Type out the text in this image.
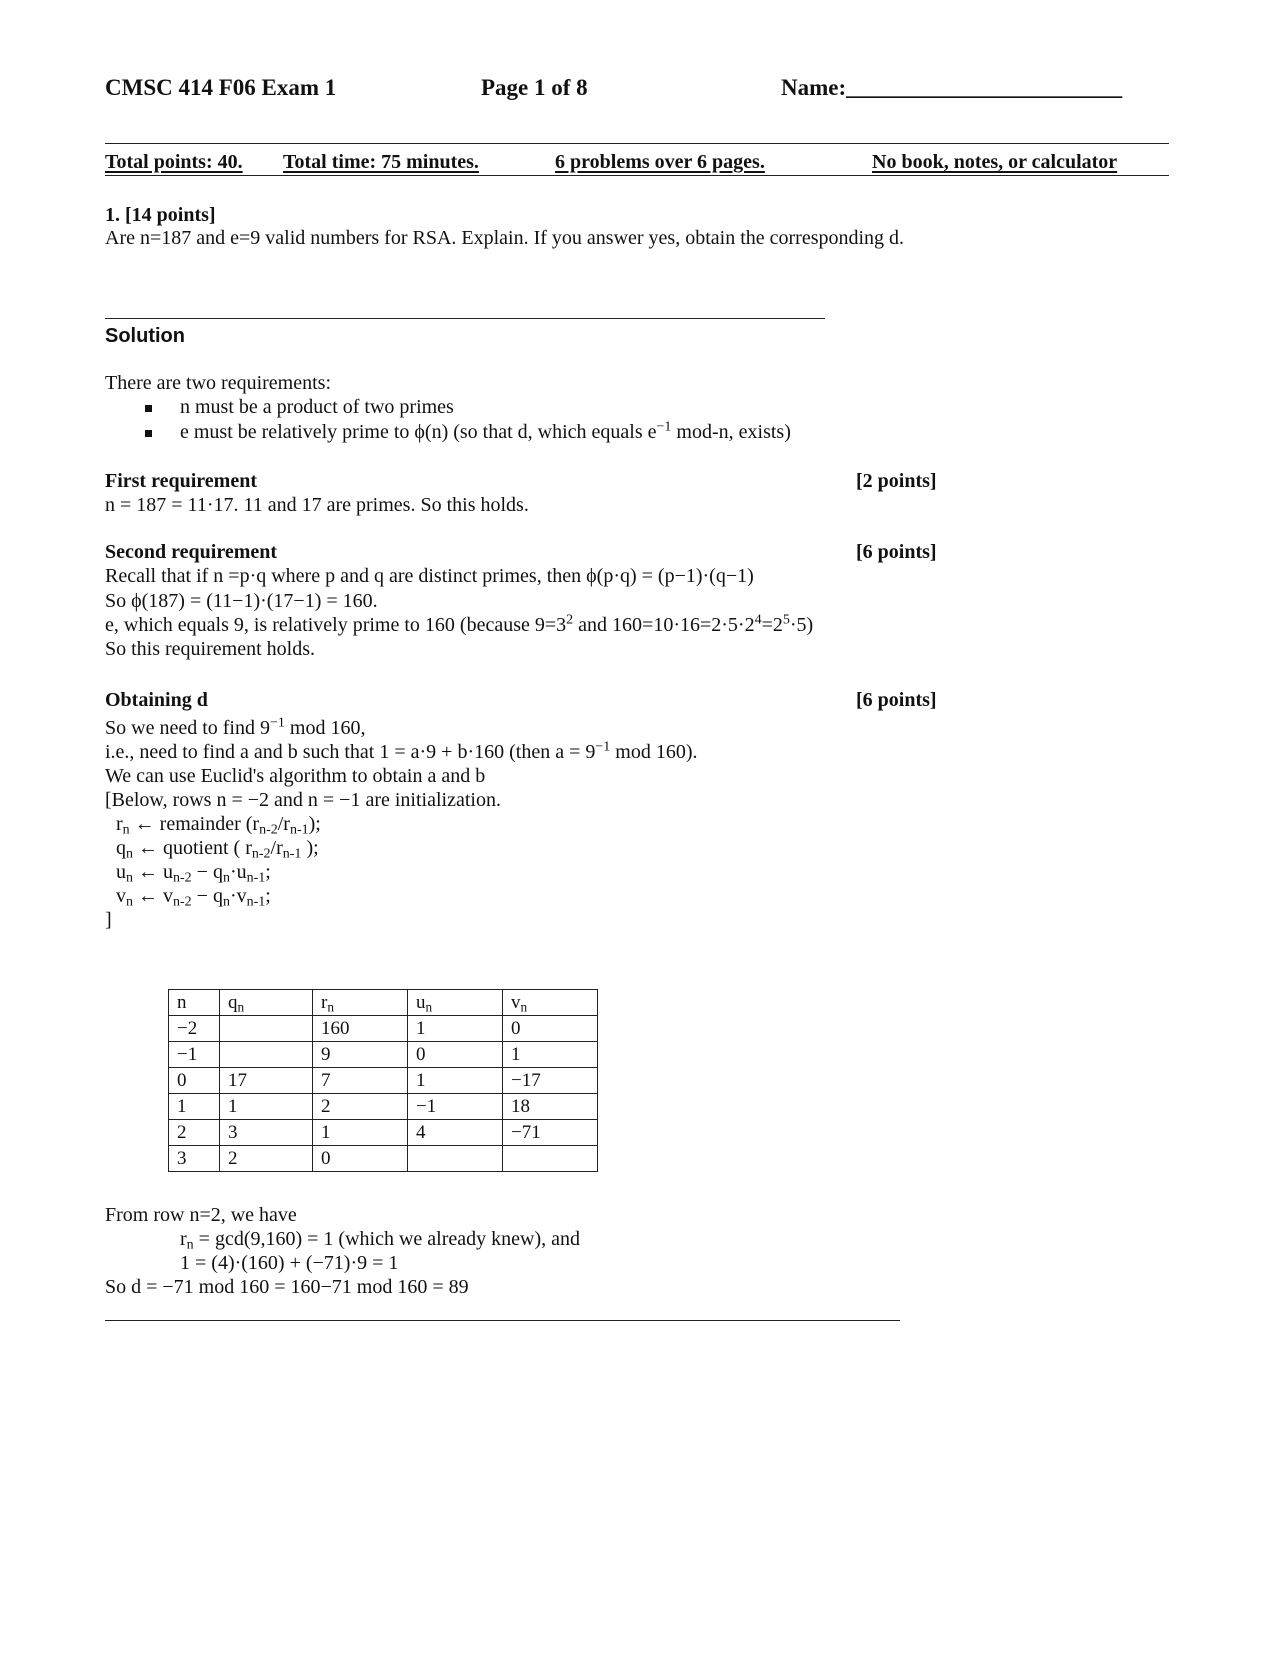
CMSC 414 F06 Exam 1	Page 1 of 8	Name:________________________
Total points: 40. Total time: 75 minutes.	6 problems over 6 pages.	No book, notes, or calculator
1. [14 points]
Are n=187 and e=9 valid numbers for RSA. Explain. If you answer yes, obtain the corresponding d.
Solution
There are two requirements:
n must be a product of two primes
e must be relatively prime to ϕ(n) (so that d, which equals $e^{-1}$ mod-n, exists)
First requirement	[2 points]
n = 187 = 11·17. 11 and 17 are primes. So this holds.
Second requirement	[6 points]
Recall that if n =p·q where p and q are distinct primes, then ϕ(p·q) = (p−1)·(q−1)
So ϕ(187) = (11−1)·(17−1) = 160.
e, which equals 9, is relatively prime to 160 (because $9=3^2$ and $160=10\cdot 16=2\cdot 5\cdot 2^4=2^5\cdot 5$)
So this requirement holds.
Obtaining d	[6 points]
So we need to find $9^{-1}$ mod 160,
i.e., need to find a and b such that 1 = a·9 + b·160 (then $a = 9^{-1}$ mod 160).
We can use Euclid's algorithm to obtain a and b
[Below, rows n = −2 and n = −1 are initialization.
$r_n$ ← remainder $(r_{n-2}/r_{n-1})$;
$q_n$ ← quotient ( $r_{n-2}/r_{n-1}$ );
$u_n$ ← $u_{n-2} - q_n\cdot u_{n-1}$;
$v_n$ ← $v_{n-2} - q_n\cdot v_{n-1}$;
]
n	$q_n$	$r_n$	$u_n$	$v_n$
−2		160	1	0
−1		9	0	1
0	17	7	1	−17
1	1	2	−1	18
2	3	1	4	−71
3	2	0		
From row n=2, we have
$r_n = \gcd(9,160) = 1$ (which we already knew), and
1 = (4)·(160) + (−71)·9 = 1
So d = −71 mod 160 = 160−71 mod 160 = 89
